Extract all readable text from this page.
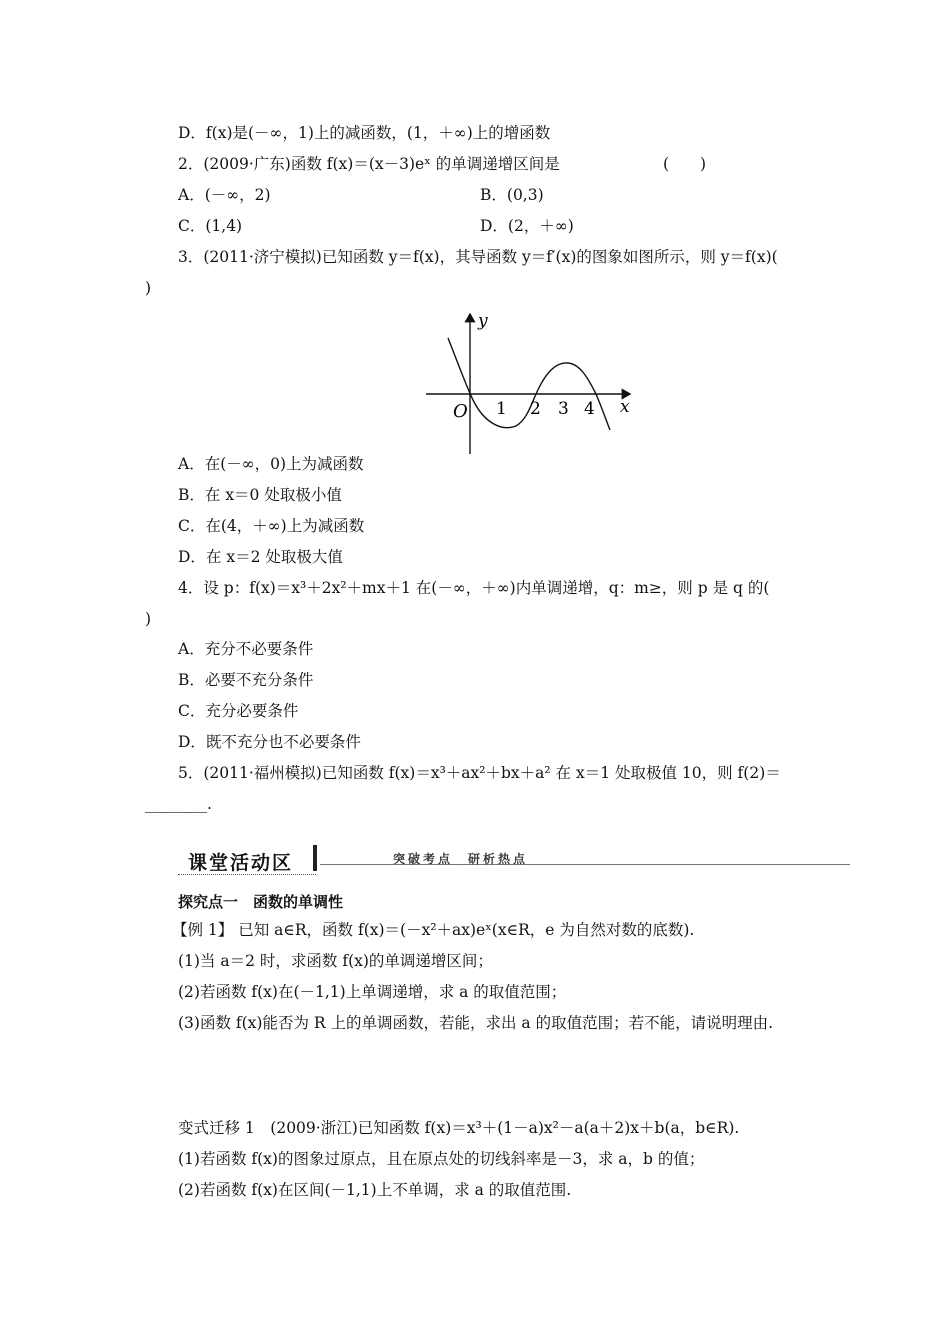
D．f(x)是(－∞，1)上的减函数，(1，＋∞)上的增函数
2．(2009·广东)函数 f(x)＝(x－3)eˣ 的单调递增区间是	(　　)
A．(－∞，2)	B．(0,3)
C．(1,4)	D．(2，＋∞)
3．(2011·济宁模拟)已知函数 y＝f(x)，其导函数 y＝f′(x)的图象如图所示，则 y＝f(x)(
)
y
x
O 1 2 3 4
A．在(－∞，0)上为减函数
B．在 x＝0 处取极小值
C．在(4，＋∞)上为减函数
D．在 x＝2 处取极大值
4．设 p：f(x)＝x³＋2x²＋mx＋1 在(－∞，＋∞)内单调递增，q：m≥，则 p 是 q 的(
)
A．充分不必要条件
B．必要不充分条件
C．充分必要条件
D．既不充分也不必要条件
5．(2011·福州模拟)已知函数 f(x)＝x³＋ax²＋bx＋a² 在 x＝1 处取极值 10，则 f(2)＝
________.
课堂活动区	突破考点　研析热点
探究点一　函数的单调性
【例 1】 已知 a∈R，函数 f(x)＝(－x²＋ax)eˣ(x∈R，e 为自然对数的底数).
(1)当 a＝2 时，求函数 f(x)的单调递增区间；
(2)若函数 f(x)在(－1,1)上单调递增，求 a 的取值范围；
(3)函数 f(x)能否为 R 上的单调函数，若能，求出 a 的取值范围；若不能，请说明理由.
变式迁移 1　(2009·浙江)已知函数 f(x)＝x³＋(1－a)x²－a(a＋2)x＋b(a，b∈R).
(1)若函数 f(x)的图象过原点，且在原点处的切线斜率是－3，求 a，b 的值；
(2)若函数 f(x)在区间(－1,1)上不单调，求 a 的取值范围.
